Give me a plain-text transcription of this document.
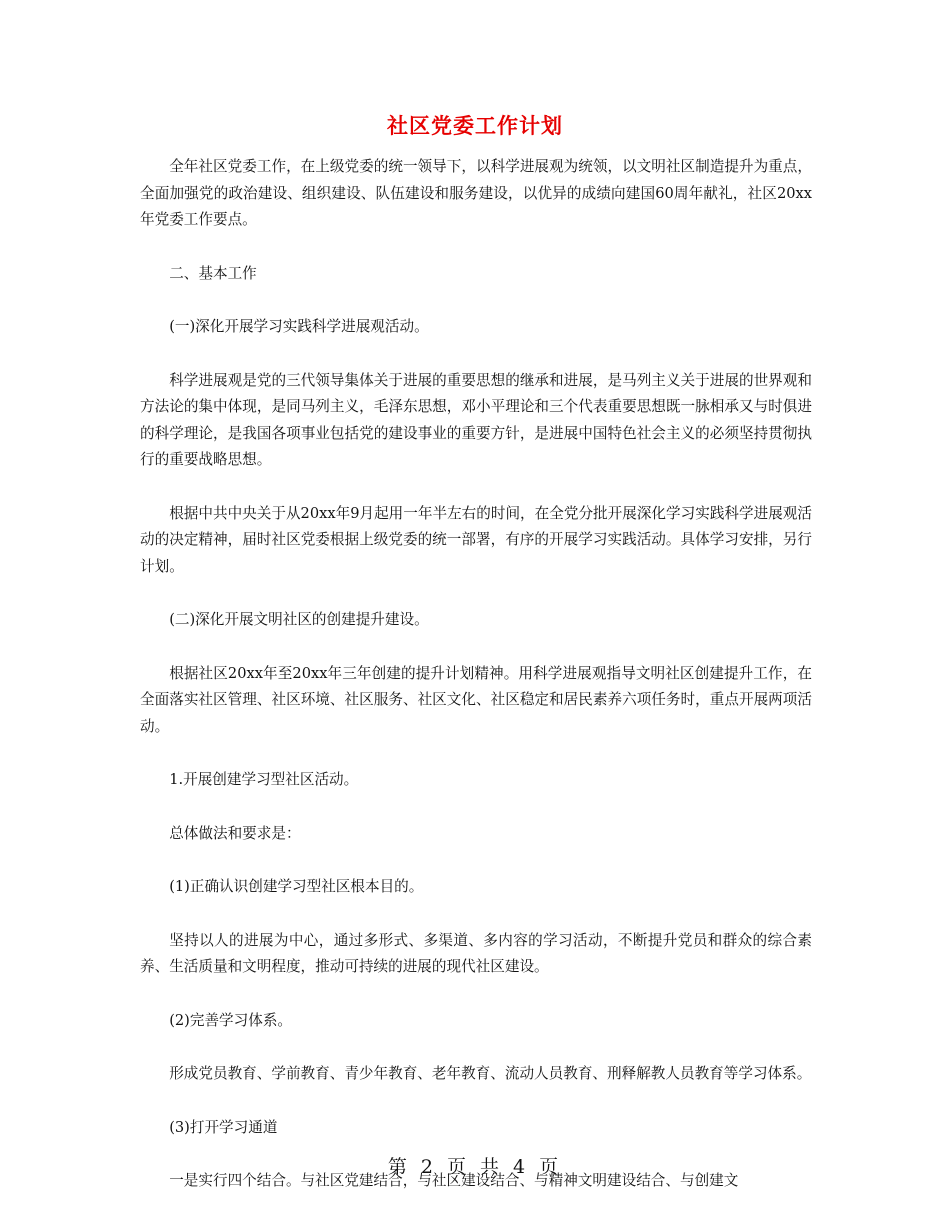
社区党委工作计划

全年社区党委工作，在上级党委的统一领导下，以科学进展观为统领，以文明社区制造提升为重点，全面加强党的政治建设、组织建设、队伍建设和服务建设，以优异的成绩向建国60周年献礼，社区20xx年党委工作要点。

二、基本工作

(一)深化开展学习实践科学进展观活动。

科学进展观是党的三代领导集体关于进展的重要思想的继承和进展，是马列主义关于进展的世界观和方法论的集中体现，是同马列主义，毛泽东思想，邓小平理论和三个代表重要思想既一脉相承又与时俱进的科学理论，是我国各项事业包括党的建设事业的重要方针，是进展中国特色社会主义的必须坚持贯彻执行的重要战略思想。

根据中共中央关于从20xx年9月起用一年半左右的时间，在全党分批开展深化学习实践科学进展观活动的决定精神，届时社区党委根据上级党委的统一部署，有序的开展学习实践活动。具体学习安排，另行计划。

(二)深化开展文明社区的创建提升建设。

根据社区20xx年至20xx年三年创建的提升计划精神。用科学进展观指导文明社区创建提升工作，在全面落实社区管理、社区环境、社区服务、社区文化、社区稳定和居民素养六项任务时，重点开展两项活动。

1.开展创建学习型社区活动。

总体做法和要求是：

(1)正确认识创建学习型社区根本目的。

坚持以人的进展为中心，通过多形式、多渠道、多内容的学习活动，不断提升党员和群众的综合素养、生活质量和文明程度，推动可持续的进展的现代社区建设。

(2)完善学习体系。

形成党员教育、学前教育、青少年教育、老年教育、流动人员教育、刑释解教人员教育等学习体系。

(3)打开学习通道

一是实行四个结合。与社区党建结合，与社区建设结合、与精神文明建设结合、与创建文

第 2 页 共 4 页
